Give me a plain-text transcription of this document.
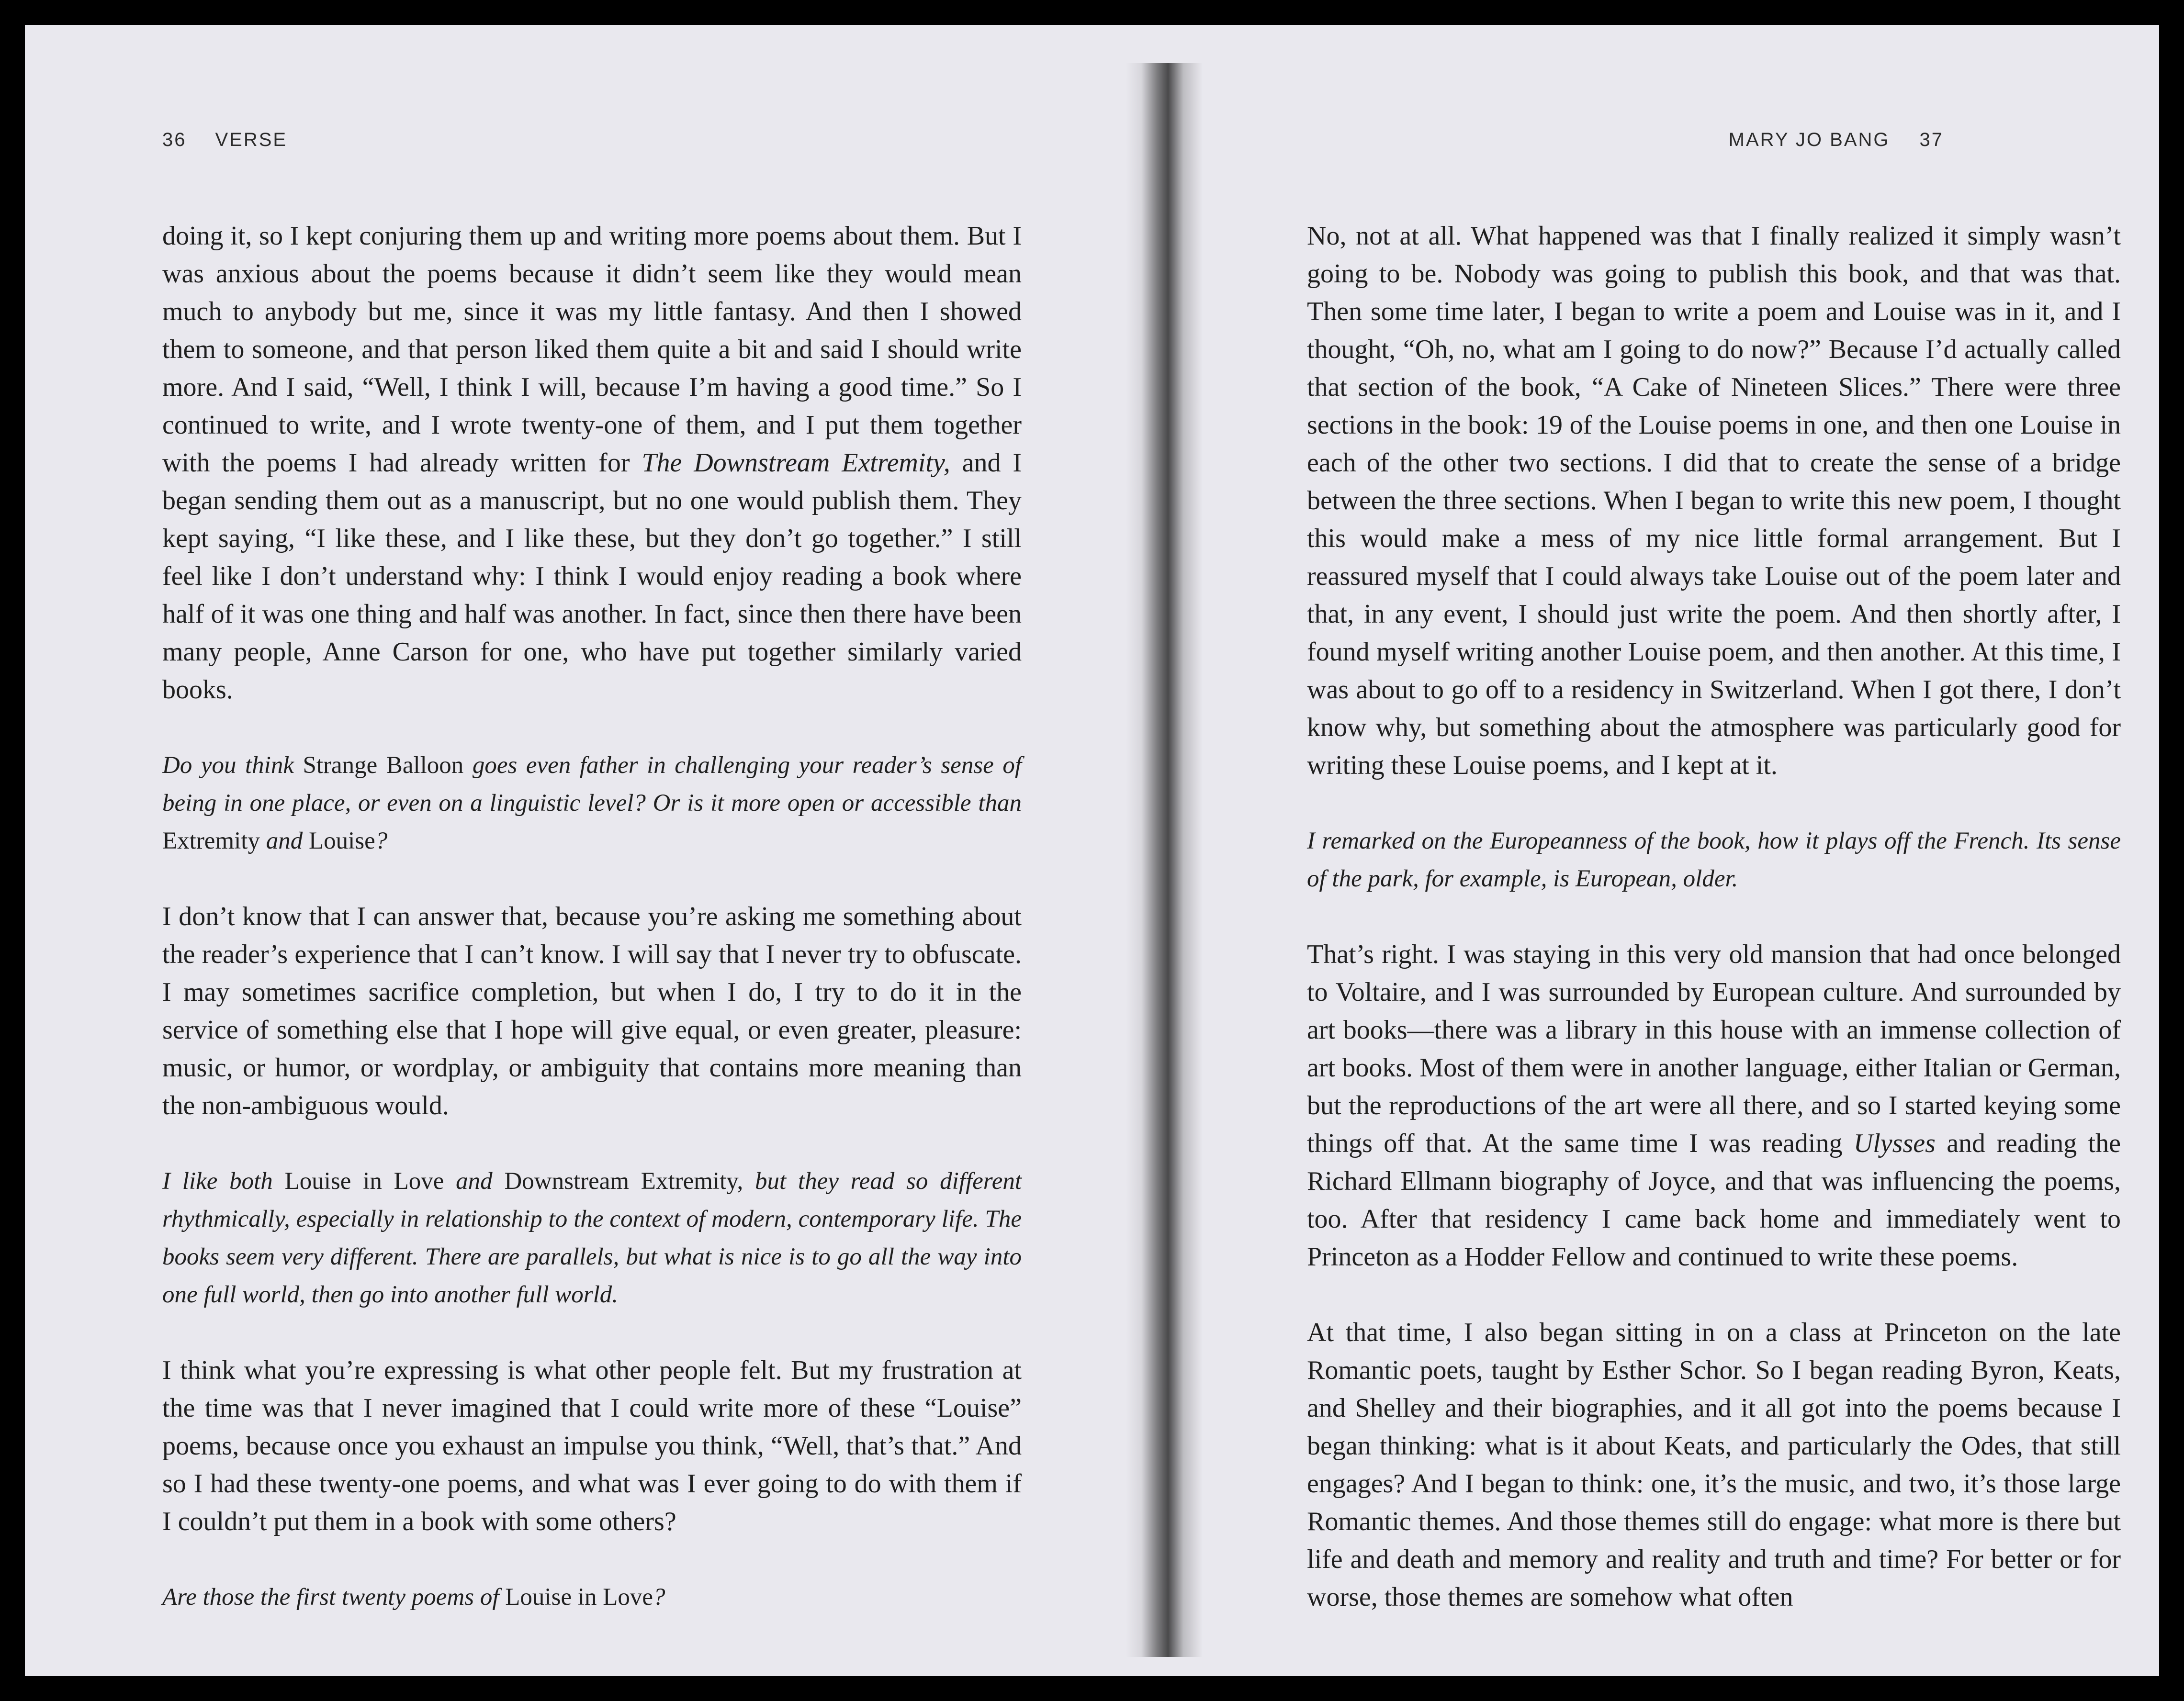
36 VERSE

doing it, so I kept conjuring them up and writing more poems about them. But I was anxious about the poems because it didn’t seem like they would mean much to anybody but me, since it was my little fantasy. And then I showed them to someone, and that person liked them quite a bit and said I should write more. And I said, “Well, I think I will, because I’m having a good time.” So I continued to write, and I wrote twenty-one of them, and I put them together with the poems I had already written for The Downstream Extremity, and I began sending them out as a manuscript, but no one would publish them. They kept saying, “I like these, and I like these, but they don’t go together.” I still feel like I don’t understand why: I think I would enjoy reading a book where half of it was one thing and half was another. In fact, since then there have been many people, Anne Carson for one, who have put together similarly varied books.

Do you think Strange Balloon goes even father in challenging your reader’s sense of being in one place, or even on a linguistic level? Or is it more open or accessible than Extremity and Louise?

I don’t know that I can answer that, because you’re asking me something about the reader’s experience that I can’t know. I will say that I never try to obfuscate. I may sometimes sacrifice completion, but when I do, I try to do it in the service of something else that I hope will give equal, or even greater, pleasure: music, or humor, or wordplay, or ambiguity that contains more meaning than the non-ambiguous would.

I like both Louise in Love and Downstream Extremity, but they read so different rhythmically, especially in relationship to the context of modern, contemporary life. The books seem very different. There are parallels, but what is nice is to go all the way into one full world, then go into another full world.

I think what you’re expressing is what other people felt. But my frustration at the time was that I never imagined that I could write more of these “Louise” poems, because once you exhaust an impulse you think, “Well, that’s that.” And so I had these twenty-one poems, and what was I ever going to do with them if I couldn’t put them in a book with some others?

Are those the first twenty poems of Louise in Love?

MARY JO BANG 37

No, not at all. What happened was that I finally realized it simply wasn’t going to be. Nobody was going to publish this book, and that was that. Then some time later, I began to write a poem and Louise was in it, and I thought, “Oh, no, what am I going to do now?” Because I’d actually called that section of the book, “A Cake of Nineteen Slices.” There were three sections in the book: 19 of the Louise poems in one, and then one Louise in each of the other two sections. I did that to create the sense of a bridge between the three sections. When I began to write this new poem, I thought this would make a mess of my nice little formal arrangement. But I reassured myself that I could always take Louise out of the poem later and that, in any event, I should just write the poem. And then shortly after, I found myself writing another Louise poem, and then another. At this time, I was about to go off to a residency in Switzerland. When I got there, I don’t know why, but something about the atmosphere was particularly good for writing these Louise poems, and I kept at it.

I remarked on the Europeanness of the book, how it plays off the French. Its sense of the park, for example, is European, older.

That’s right. I was staying in this very old mansion that had once belonged to Voltaire, and I was surrounded by European culture. And surrounded by art books—there was a library in this house with an immense collection of art books. Most of them were in another language, either Italian or German, but the reproductions of the art were all there, and so I started keying some things off that. At the same time I was reading Ulysses and reading the Richard Ellmann biography of Joyce, and that was influencing the poems, too. After that residency I came back home and immediately went to Princeton as a Hodder Fellow and continued to write these poems.

At that time, I also began sitting in on a class at Princeton on the late Romantic poets, taught by Esther Schor. So I began reading Byron, Keats, and Shelley and their biographies, and it all got into the poems because I began thinking: what is it about Keats, and particularly the Odes, that still engages? And I began to think: one, it’s the music, and two, it’s those large Romantic themes. And those themes still do engage: what more is there but life and death and memory and reality and truth and time? For better or for worse, those themes are somehow what often
